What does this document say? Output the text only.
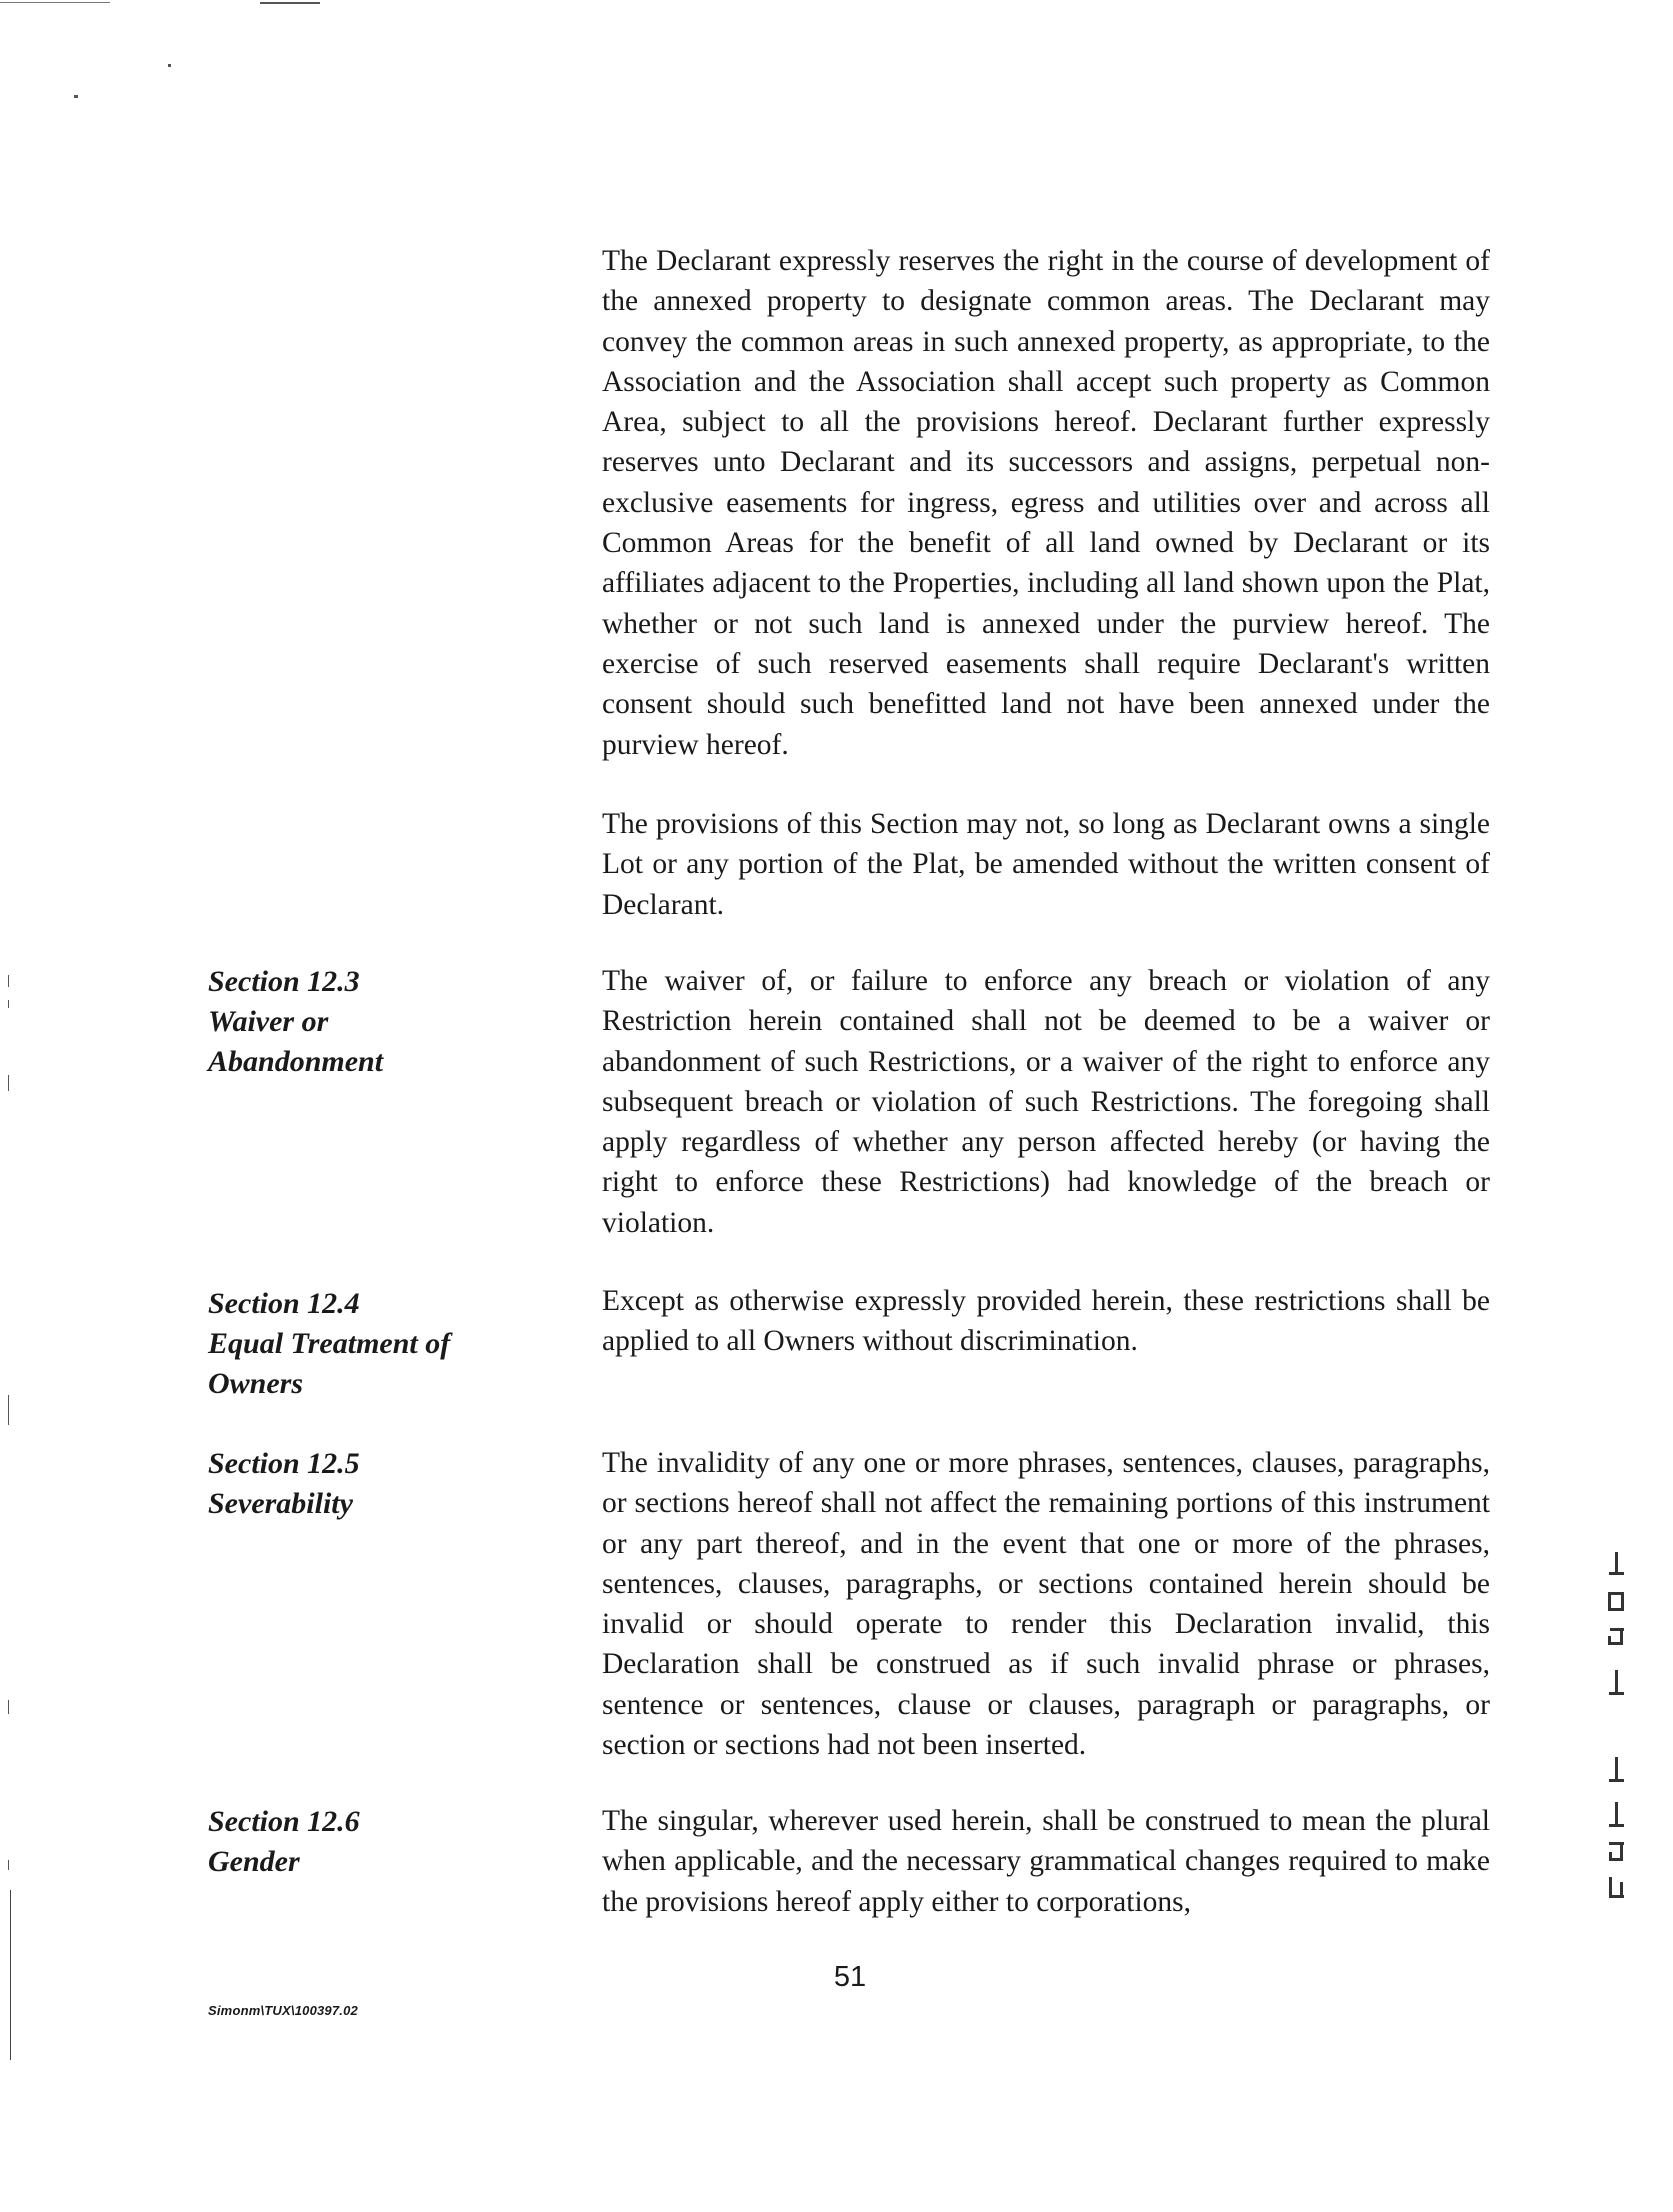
The Declarant expressly reserves the right in the course of development of the annexed property to designate common areas. The Declarant may convey the common areas in such annexed property, as appropriate, to the Association and the Association shall accept such property as Common Area, subject to all the provisions hereof. Declarant further expressly reserves unto Declarant and its successors and assigns, perpetual non-exclusive easements for ingress, egress and utilities over and across all Common Areas for the benefit of all land owned by Declarant or its affiliates adjacent to the Properties, including all land shown upon the Plat, whether or not such land is annexed under the purview hereof. The exercise of such reserved easements shall require Declarant's written consent should such benefitted land not have been annexed under the purview hereof.

The provisions of this Section may not, so long as Declarant owns a single Lot or any portion of the Plat, be amended without the written consent of Declarant.

Section 12.3
Waiver or
Abandonment

The waiver of, or failure to enforce any breach or violation of any Restriction herein contained shall not be deemed to be a waiver or abandonment of such Restrictions, or a waiver of the right to enforce any subsequent breach or violation of such Restrictions. The foregoing shall apply regardless of whether any person affected hereby (or having the right to enforce these Restrictions) had knowledge of the breach or violation.

Section 12.4
Equal Treatment of
Owners

Except as otherwise expressly provided herein, these restrictions shall be applied to all Owners without discrimination.

Section 12.5
Severability

The invalidity of any one or more phrases, sentences, clauses, paragraphs, or sections hereof shall not affect the remaining portions of this instrument or any part thereof, and in the event that one or more of the phrases, sentences, clauses, paragraphs, or sections contained herein should be invalid or should operate to render this Declaration invalid, this Declaration shall be construed as if such invalid phrase or phrases, sentence or sentences, clause or clauses, paragraph or paragraphs, or section or sections had not been inserted.

Section 12.6
Gender

The singular, wherever used herein, shall be construed to mean the plural when applicable, and the necessary grammatical changes required to make the provisions hereof apply either to corporations,

Simonm\TUX\100397.02
51
